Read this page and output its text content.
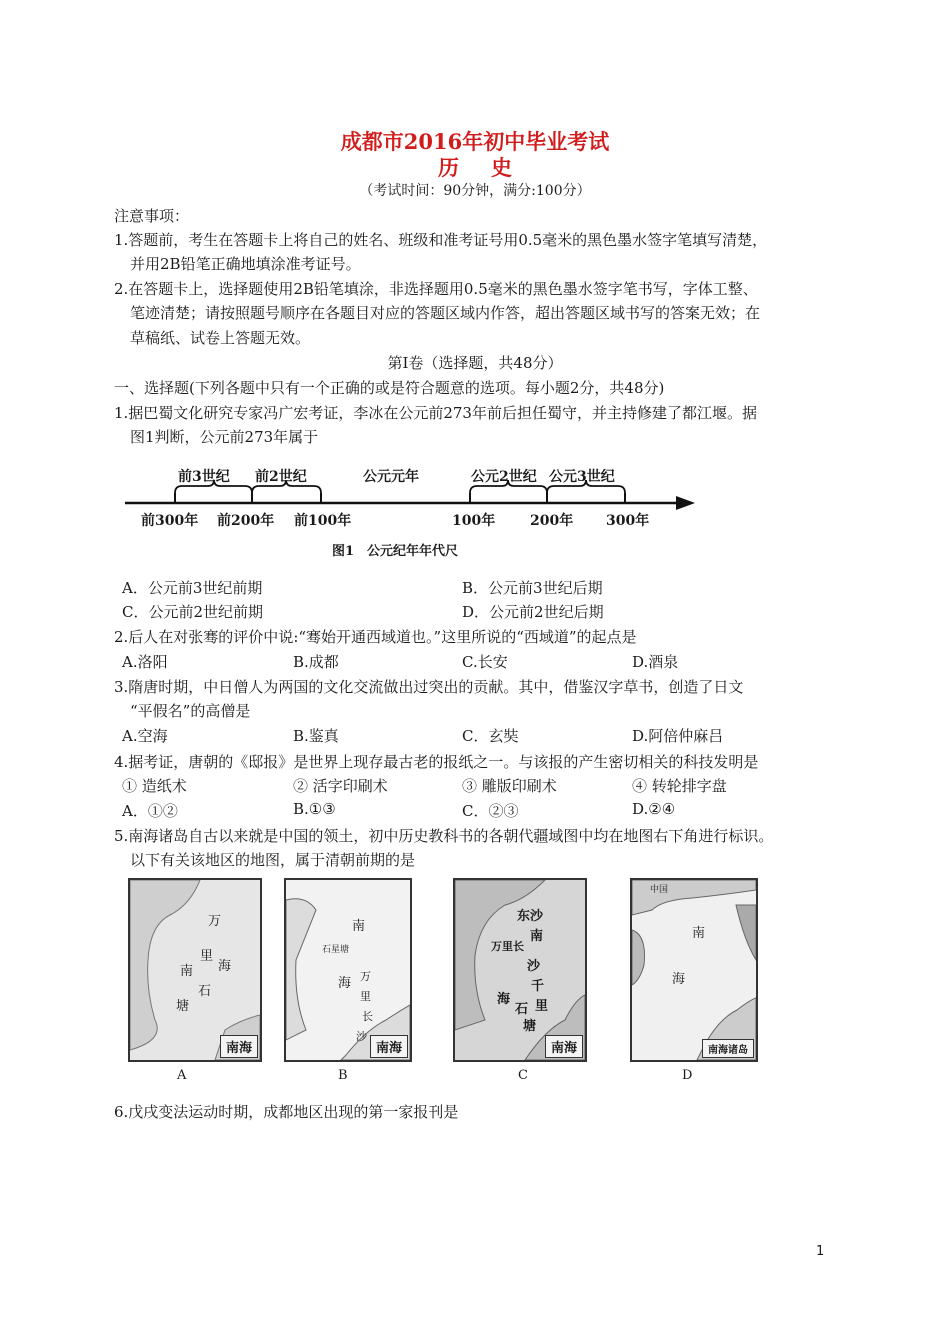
成都市2016年初中毕业考试
历史
（考试时间：90分钟，满分:100分）
注意事项：
1.答题前，考生在答题卡上将自己的姓名、班级和准考证号用0.5毫米的黑色墨水签字笔填写清楚，
并用2B铅笔正确地填涂准考证号。
2.在答题卡上，选择题使用2B铅笔填涂，非选择题用0.5毫米的黑色墨水签字笔书写，字体工整、
笔迹清楚；请按照题号顺序在各题目对应的答题区域内作答，超出答题区域书写的答案无效；在
草稿纸、试卷上答题无效。
第Ⅰ卷（选择题，共48分）
一、选择题(下列各题中只有一个正确的或是符合题意的选项。每小题2分，共48分)
1.据巴蜀文化研究专家冯广宏考证，李冰在公元前273年前后担任蜀守，并主持修建了都江堰。据
图1判断，公元前273年属于
前3世纪 前2世纪	公元元年	公元2世纪 公元3世纪
前300年 前200年 前100年	100年 200年 300年
图1　公元纪年年代尺
A．公元前3世纪前期	B．公元前3世纪后期
C．公元前2世纪前期	D．公元前2世纪后期
2.后人在对张骞的评价中说:“骞始开通西域道也。”这里所说的“西域道”的起点是
A.洛阳	B.成都	C.长安	D.酒泉
3.隋唐时期，中日僧人为两国的文化交流做出过突出的贡献。其中，借鉴汉字草书，创造了日文
“平假名”的高僧是
A.空海	B.鉴真	C．玄奘	D.阿倍仲麻吕
4.据考证，唐朝的《邸报》是世界上现存最古老的报纸之一。与该报的产生密切相关的科技发明是
① 造纸术	② 活字印刷术	③ 雕版印刷术	④ 转轮排字盘
A．①②	B.①③	C．②③	D.②④
5.南海诸岛自古以来就是中国的领土，初中历史教科书的各朝代疆域图中均在地图右下角进行标识。
以下有关该地区的地图，属于清朝前期的是
万
里
海
南
石
塘
南海
A
南
石星塘
海 万
里
长
沙
南海
B
东沙
南
万里长
沙
千
海
石 里
塘
南海
C
中国
南
海
南海诸岛
D
6.戊戌变法运动时期，成都地区出现的第一家报刊是
1
